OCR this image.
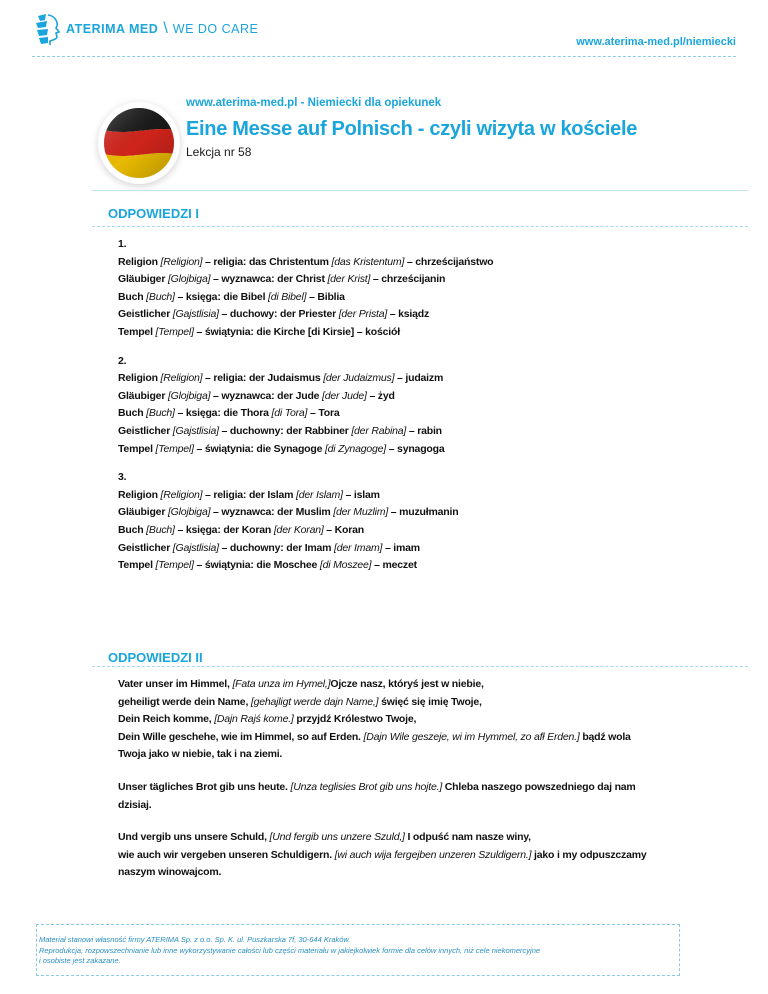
ATERIMA MED \ WE DO CARE
www.aterima-med.pl/niemiecki
www.aterima-med.pl - Niemiecki dla opiekunek
Eine Messe auf Polnisch - czyli wizyta w kościele
Lekcja nr 58
ODPOWIEDZI I
1.
Religion [Religion] – religia: das Christentum [das Kristentum] – chrześcijaństwo
Gläubiger [Glojbiga] – wyznawca: der Christ [der Krist] – chrześcijanin
Buch [Buch] – księga: die Bibel [di Bibel] – Biblia
Geistlicher [Gajstlisia] – duchowy: der Priester [der Prista] – ksiądz
Tempel [Tempel] – świątynia: die Kirche [di Kirsie] – kościół
2.
Religion [Religion] – religia: der Judaismus [der Judaizmus] – judaizm
Gläubiger [Glojbiga] – wyznawca: der Jude [der Jude] – żyd
Buch [Buch] – księga: die Thora [di Tora] – Tora
Geistlicher [Gajstlisia] – duchowny: der Rabbiner [der Rabina] – rabin
Tempel [Tempel] – świątynia: die Synagoge [di Zynagoge] – synagoga
3.
Religion [Religion] – religia: der Islam [der Islam] – islam
Gläubiger [Glojbiga] – wyznawca: der Muslim [der Muzlim] – muzułmanin
Buch [Buch] – księga: der Koran [der Koran] – Koran
Geistlicher [Gajstlisia] – duchowny: der Imam [der Imam] – imam
Tempel [Tempel] – świątynia: die Moschee [di Moszee] – meczet
ODPOWIEDZI II

Vater unser im Himmel, [Fata unza im Hymel,]Ojcze nasz, któryś jest w niebie,
geheiligt werde dein Name, [gehajligt werde dajn Name,] święć się imię Twoje,
Dein Reich komme, [Dajn Rajś kome.] przyjdź Królestwo Twoje,
Dein Wille geschehe, wie im Himmel, so auf Erden. [Dajn Wile geszeje, wi im Hymmel, zo afł Erden.] bądź wola
Twoja jako w niebie, tak i na ziemi.

Unser tägliches Brot gib uns heute. [Unza teglisies Brot gib uns hojte.] Chleba naszego powszedniego daj nam
dzisiaj.

Und vergib uns unsere Schuld, [Und fergib uns unzere Szuld,] I odpuść nam nasze winy,
wie auch wir vergeben unseren Schuldigern. [wi auch wija fergejben unzeren Szuldigern.] jako i my odpuszczamy
naszym winowajcom.

Materiał stanowi własność firmy ATERIMA Sp. z o.o. Sp. K. ul. Puszkarska 7f, 30-644 Kraków.
Reprodukcja, rozpowszechnianie lub inne wykorzystywanie całości lub części materiału w jakiejkolwiek formie dla celów innych, niż cele niekomercyjne
i osobiste jest zakazane.
